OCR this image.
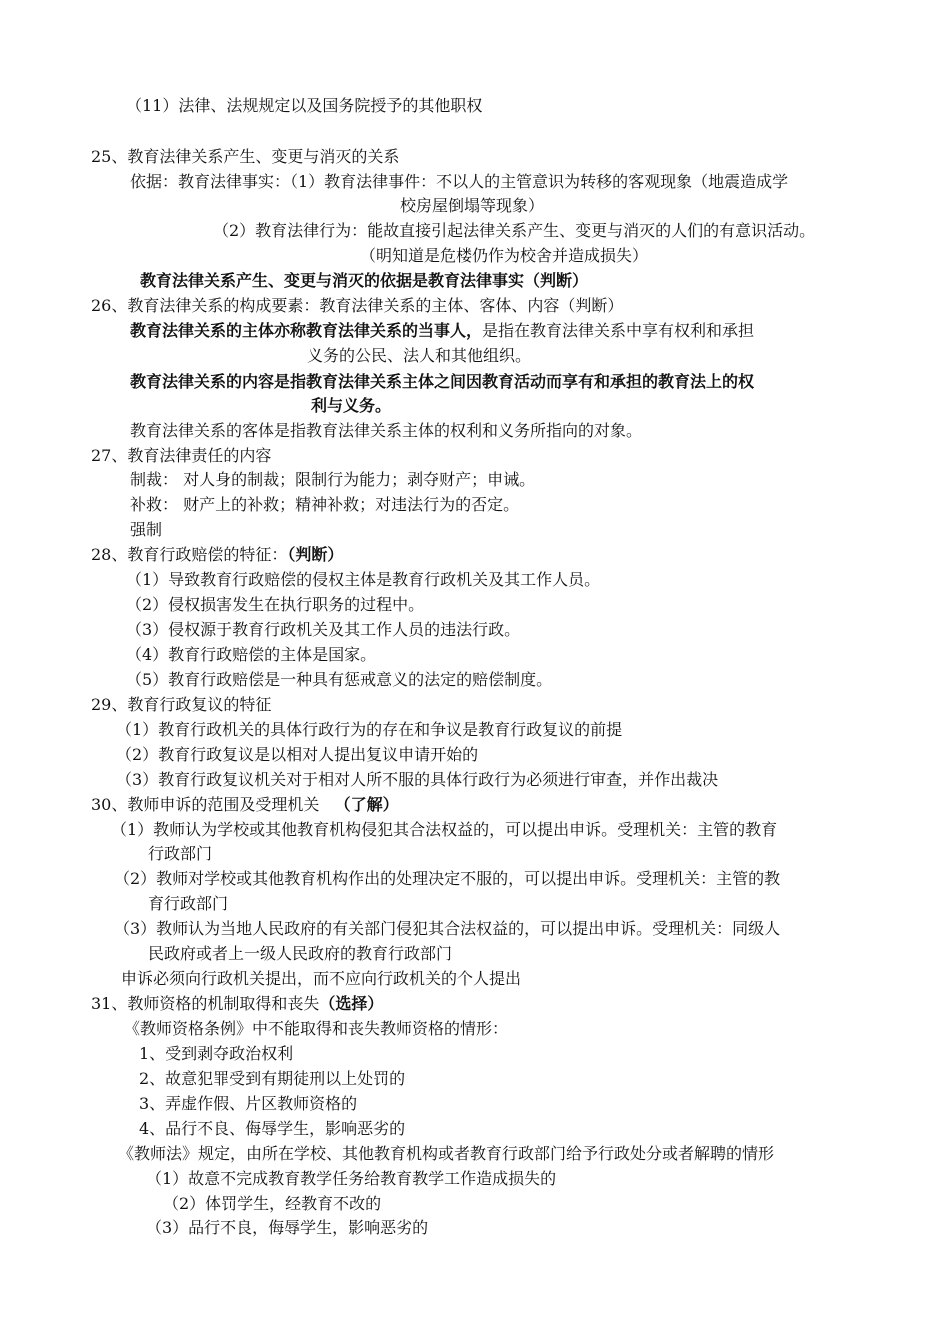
（11）法律、法规规定以及国务院授予的其他职权
25、教育法律关系产生、变更与消灭的关系
依据：教育法律事实：（1）教育法律事件：不以人的主管意识为转移的客观现象（地震造成学
校房屋倒塌等现象）
（2）教育法律行为：能故直接引起法律关系产生、变更与消灭的人们的有意识活动。
（明知道是危楼仍作为校舍并造成损失）
教育法律关系产生、变更与消灭的依据是教育法律事实（判断）
26、教育法律关系的构成要素：教育法律关系的主体、客体、内容（判断）
教育法律关系的主体亦称教育法律关系的当事人，是指在教育法律关系中享有权利和承担
义务的公民、法人和其他组织。
教育法律关系的内容是指教育法律关系主体之间因教育活动而享有和承担的教育法上的权
利与义务。
教育法律关系的客体是指教育法律关系主体的权利和义务所指向的对象。
27、教育法律责任的内容
制裁： 对人身的制裁；限制行为能力；剥夺财产；申诫。
补救： 财产上的补救；精神补救；对违法行为的否定。
强制
28、教育行政赔偿的特征：（判断）
（1）导致教育行政赔偿的侵权主体是教育行政机关及其工作人员。
（2）侵权损害发生在执行职务的过程中。
（3）侵权源于教育行政机关及其工作人员的违法行政。
（4）教育行政赔偿的主体是国家。
（5）教育行政赔偿是一种具有惩戒意义的法定的赔偿制度。
29、教育行政复议的特征
（1）教育行政机关的具体行政行为的存在和争议是教育行政复议的前提
（2）教育行政复议是以相对人提出复议申请开始的
（3）教育行政复议机关对于相对人所不服的具体行政行为必须进行审查，并作出裁决
30、教师申诉的范围及受理机关 （了解）
（1）教师认为学校或其他教育机构侵犯其合法权益的，可以提出申诉。受理机关：主管的教育
行政部门
（2）教师对学校或其他教育机构作出的处理决定不服的，可以提出申诉。受理机关：主管的教
育行政部门
（3）教师认为当地人民政府的有关部门侵犯其合法权益的，可以提出申诉。受理机关：同级人
民政府或者上一级人民政府的教育行政部门
申诉必须向行政机关提出，而不应向行政机关的个人提出
31、教师资格的机制取得和丧失（选择）
《教师资格条例》中不能取得和丧失教师资格的情形：
1、受到剥夺政治权利
2、故意犯罪受到有期徒刑以上处罚的
3、弄虚作假、片区教师资格的
4、品行不良、侮辱学生，影响恶劣的
《教师法》规定，由所在学校、其他教育机构或者教育行政部门给予行政处分或者解聘的情形
（1）故意不完成教育教学任务给教育教学工作造成损失的
（2）体罚学生，经教育不改的
（3）品行不良，侮辱学生，影响恶劣的
